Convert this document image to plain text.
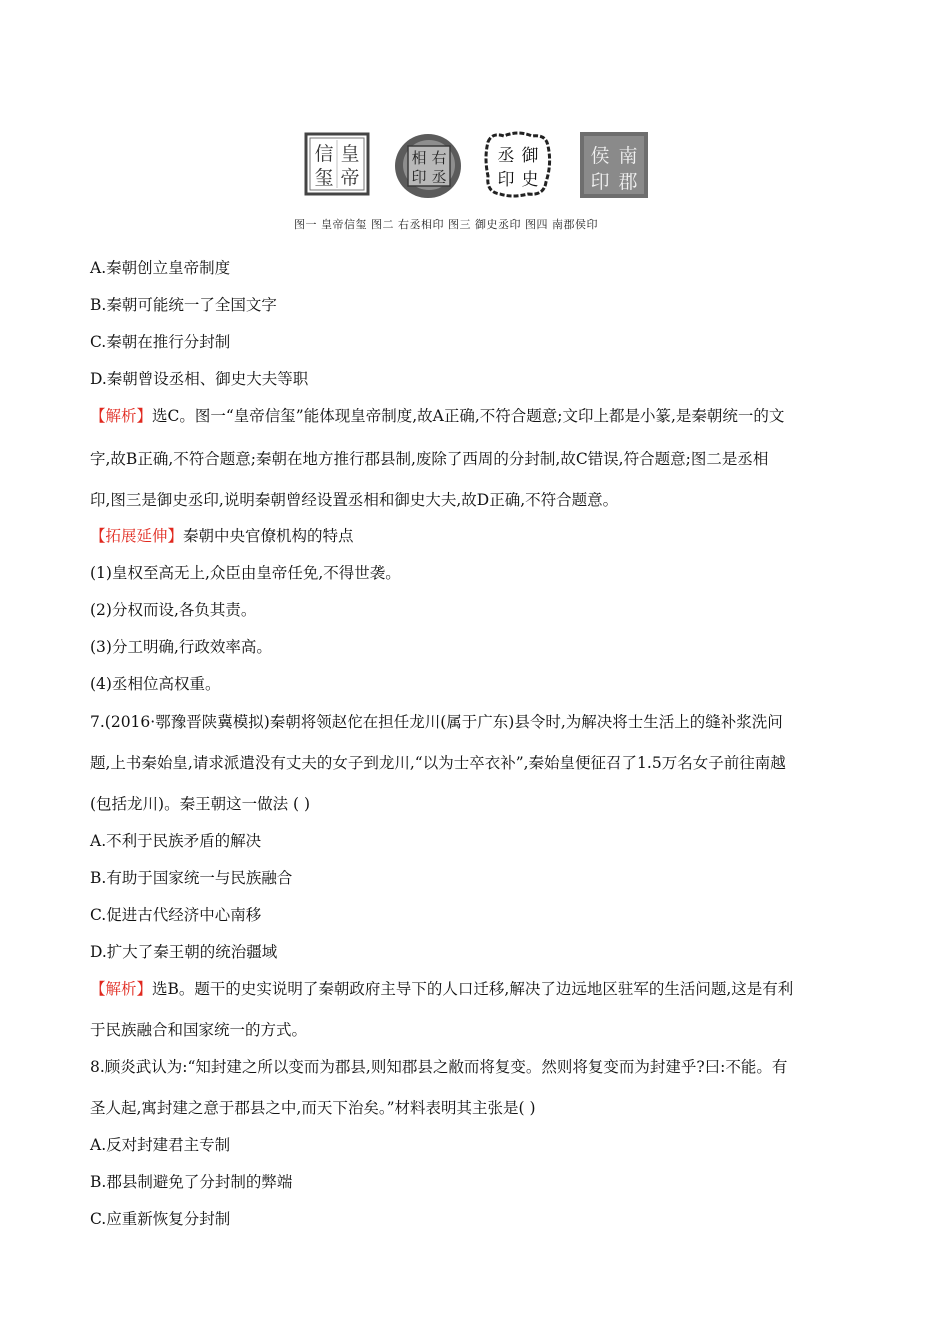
皇
帝
信
玺
右
丞
相
印
御
史
丞
印
南
郡
侯
印
图一 皇帝信玺 图二 右丞相印 图三 御史丞印 图四 南郡侯印
A.秦朝创立皇帝制度
B.秦朝可能统一了全国文字
C.秦朝在推行分封制
D.秦朝曾设丞相、御史大夫等职
【解析】选C。图一“皇帝信玺”能体现皇帝制度,故A正确,不符合题意;文印上都是小篆,是秦朝统一的文
字,故B正确,不符合题意;秦朝在地方推行郡县制,废除了西周的分封制,故C错误,符合题意;图二是丞相
印,图三是御史丞印,说明秦朝曾经设置丞相和御史大夫,故D正确,不符合题意。
【拓展延伸】秦朝中央官僚机构的特点
(1)皇权至高无上,众臣由皇帝任免,不得世袭。
(2)分权而设,各负其责。
(3)分工明确,行政效率高。
(4)丞相位高权重。
7.(2016·鄂豫晋陕冀模拟)秦朝将领赵佗在担任龙川(属于广东)县令时,为解决将士生活上的缝补浆洗问
题,上书秦始皇,请求派遣没有丈夫的女子到龙川,“以为士卒衣补”,秦始皇便征召了1.5万名女子前往南越
(包括龙川)。秦王朝这一做法 ( )
A.不利于民族矛盾的解决
B.有助于国家统一与民族融合
C.促进古代经济中心南移
D.扩大了秦王朝的统治疆域
【解析】选B。题干的史实说明了秦朝政府主导下的人口迁移,解决了边远地区驻军的生活问题,这是有利
于民族融合和国家统一的方式。
8.顾炎武认为:“知封建之所以变而为郡县,则知郡县之敝而将复变。然则将复变而为封建乎?曰:不能。有
圣人起,寓封建之意于郡县之中,而天下治矣。”材料表明其主张是( )
A.反对封建君主专制
B.郡县制避免了分封制的弊端
C.应重新恢复分封制
